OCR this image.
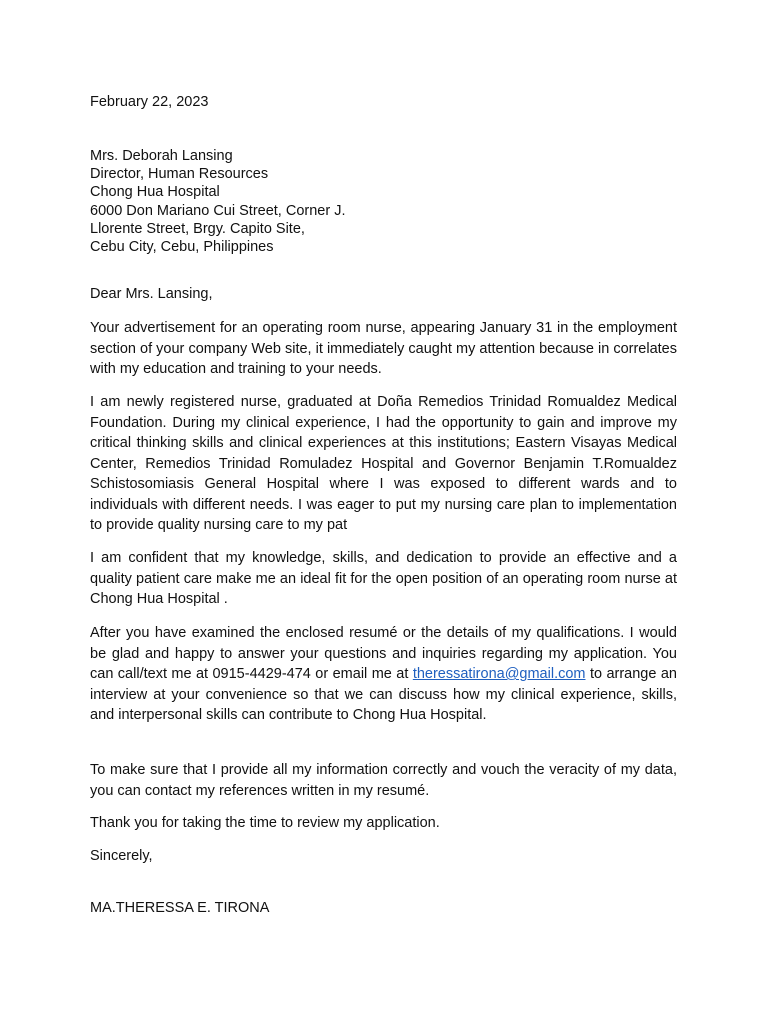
February 22, 2023
Mrs. Deborah Lansing
Director, Human Resources
Chong Hua Hospital
6000 Don Mariano Cui Street, Corner J.
Llorente Street, Brgy. Capito Site,
Cebu City, Cebu, Philippines
Dear Mrs. Lansing,
Your advertisement for an operating room nurse, appearing January 31 in the employment section of your company Web site, it immediately caught my attention because in correlates with my education and training to your needs.
I am newly registered nurse, graduated at Doña Remedios Trinidad Romualdez Medical Foundation. During my clinical experience, I had the opportunity to gain and improve my critical thinking skills and clinical experiences at this institutions; Eastern Visayas Medical Center, Remedios Trinidad Romuladez Hospital and Governor Benjamin T.Romualdez Schistosomiasis General Hospital where I was exposed to different wards and to individuals with different needs. I was eager to put my nursing care plan to implementation to provide quality nursing care to my pat
I am confident that my knowledge, skills, and dedication to provide an effective and a quality patient care make me an ideal fit for the open position of an operating room nurse at Chong Hua Hospital .
After you have examined the enclosed resumé or the details of my qualifications. I would be glad and happy to answer your questions and inquiries regarding my application. You can call/text me at 0915-4429-474 or email me at theressatirona@gmail.com to arrange an interview at your convenience so that we can discuss how my clinical experience, skills, and interpersonal skills can contribute to Chong Hua Hospital.
To make sure that I provide all my information correctly and vouch the veracity of my data, you can contact my references written in my resumé.
Thank you for taking the time to review my application.
Sincerely,
MA.THERESSA E. TIRONA
